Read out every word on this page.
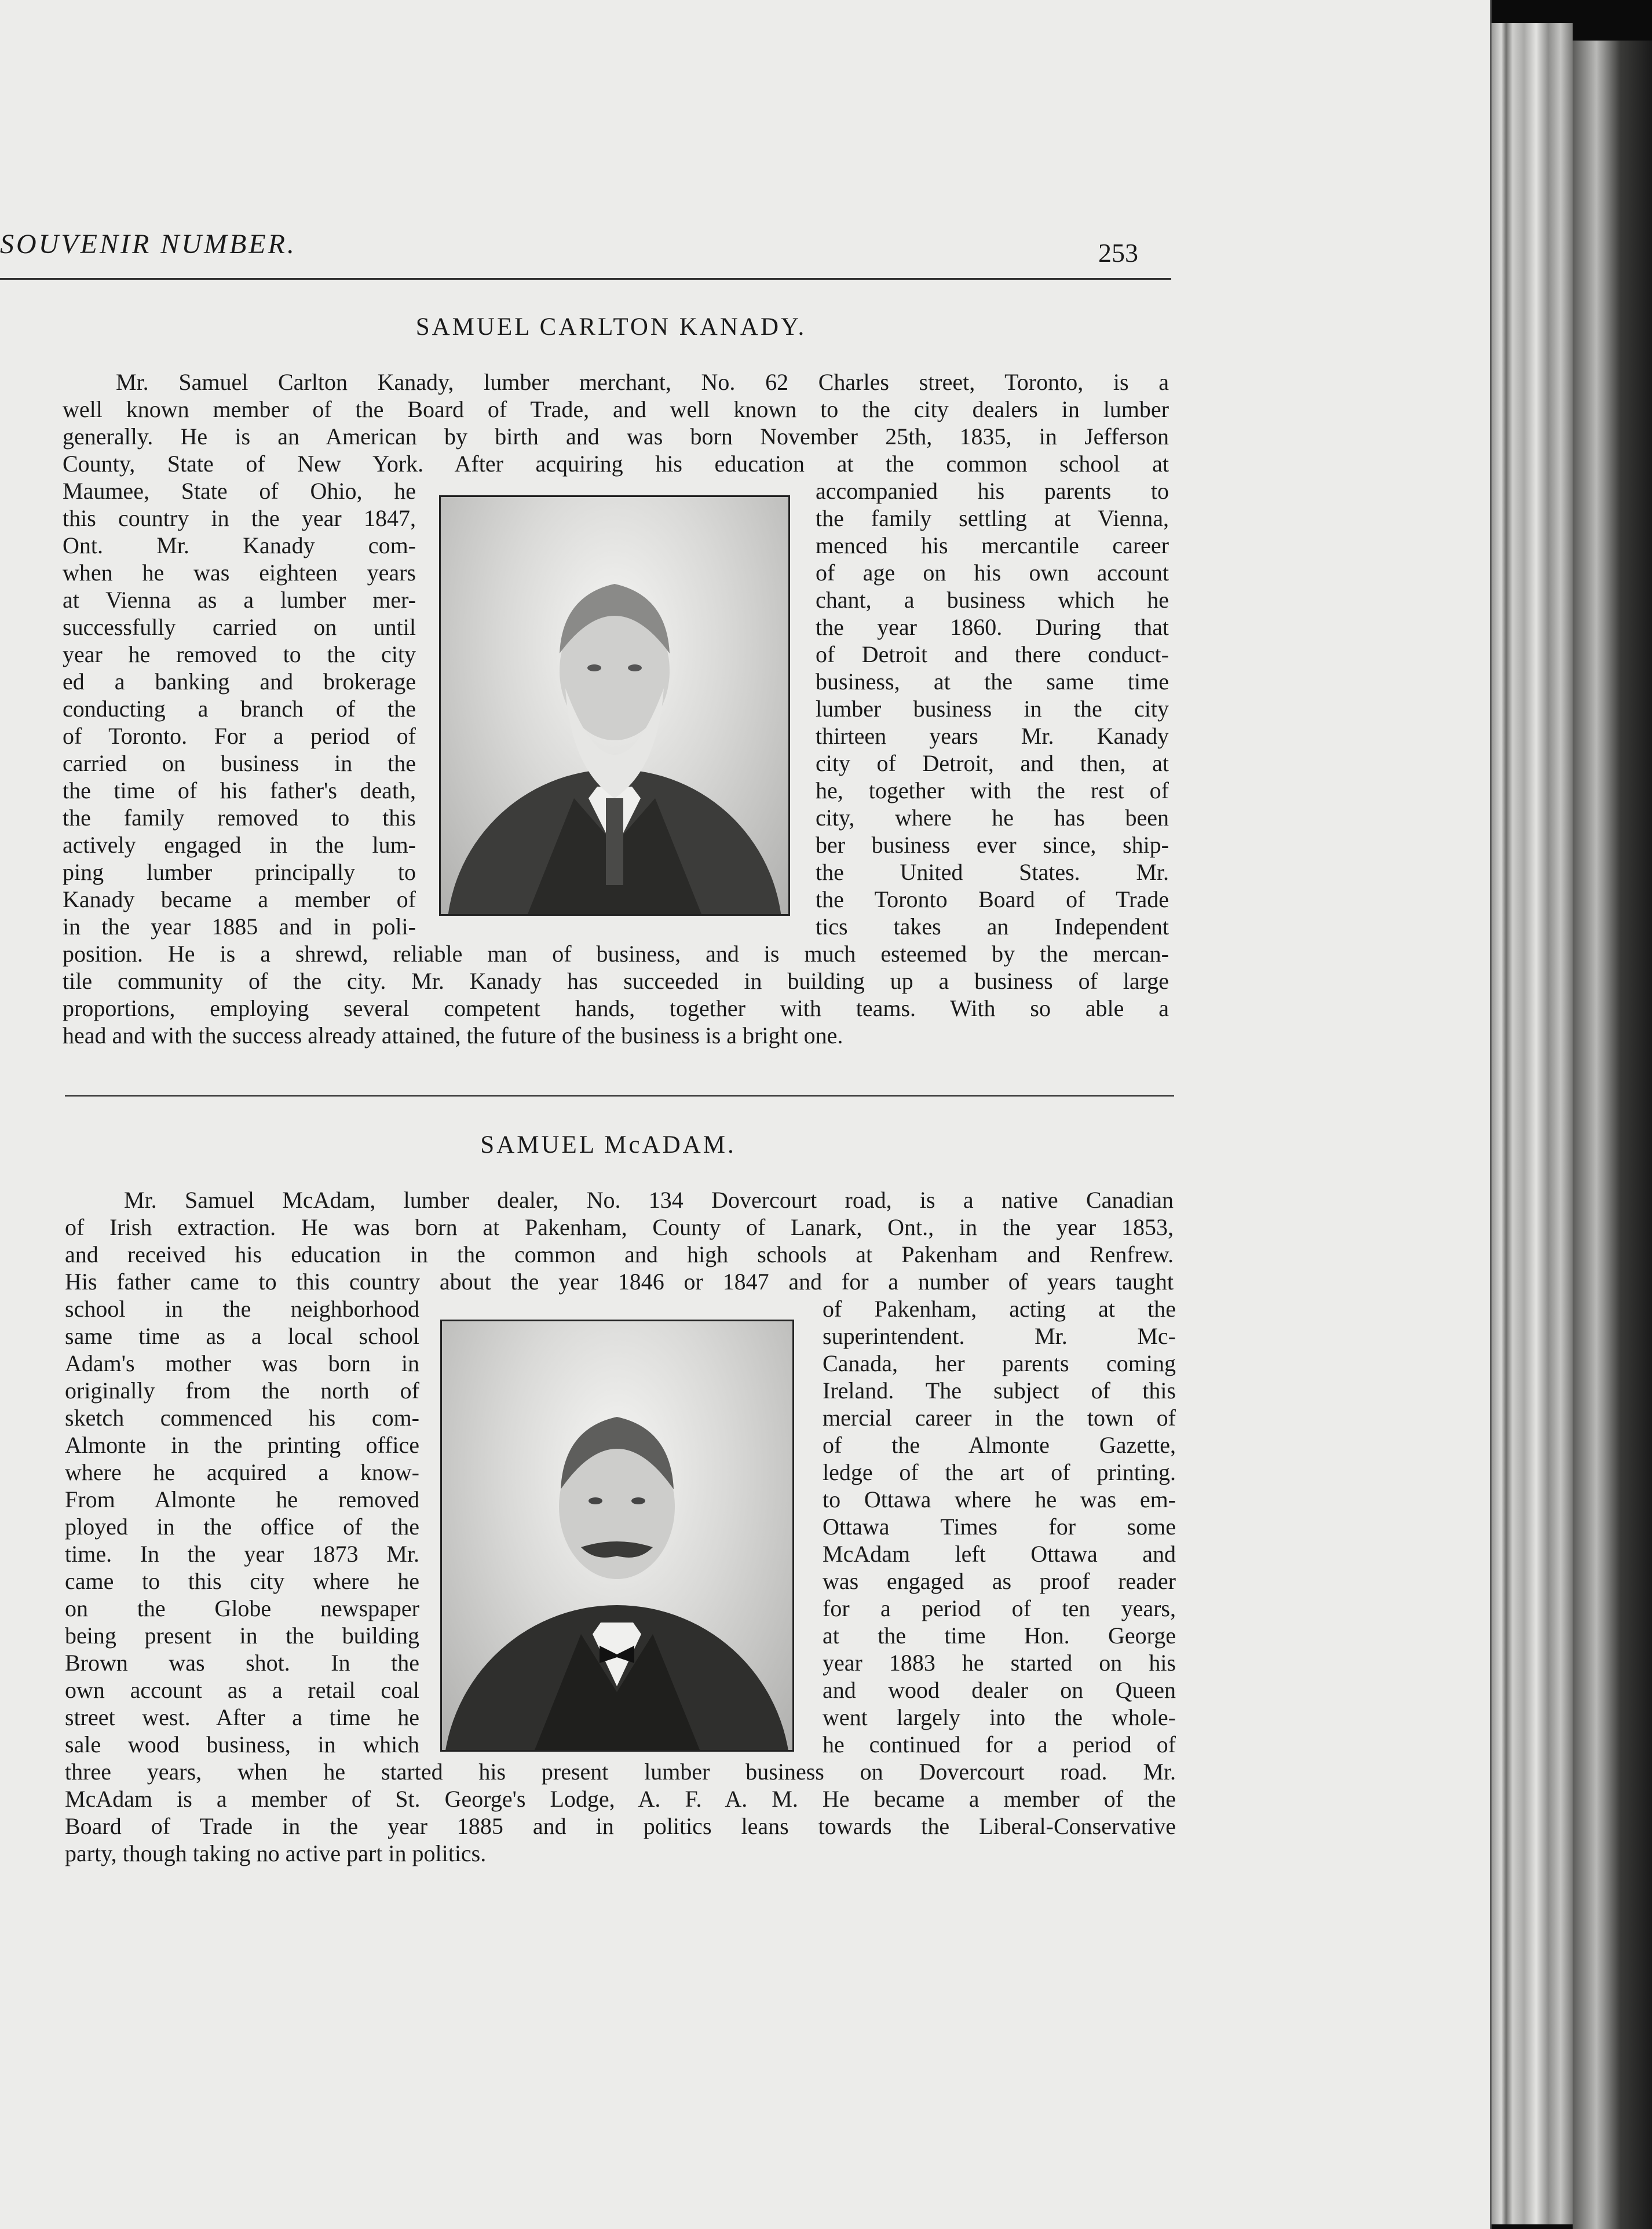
SOUVENIR NUMBER.	253
SAMUEL CARLTON KANADY.
Mr. Samuel Carlton Kanady, lumber merchant, No. 62 Charles street, Toronto, is a
well known member of the Board of Trade, and well known to the city dealers in lumber
generally. He is an American by birth and was born November 25th, 1835, in Jefferson
County, State of New York. After acquiring his education at the common school at
Maumee, State of Ohio, he
this country in the year 1847,
Ont. Mr. Kanady com-
when he was eighteen years
at Vienna as a lumber mer-
successfully carried on until
year he removed to the city
ed a banking and brokerage
conducting a branch of the
of Toronto. For a period of
carried on business in the
the time of his father's death,
the family removed to this
actively engaged in the lum-
ping lumber principally to
Kanady became a member of
in the year 1885 and in poli-
accompanied his parents to
the family settling at Vienna,
menced his mercantile career
of age on his own account
chant, a business which he
the year 1860. During that
of Detroit and there conduct-
business, at the same time
lumber business in the city
thirteen years Mr. Kanady
city of Detroit, and then, at
he, together with the rest of
city, where he has been
ber business ever since, ship-
the United States. Mr.
the Toronto Board of Trade
tics takes an Independent
position. He is a shrewd, reliable man of business, and is much esteemed by the mercan-
tile community of the city. Mr. Kanady has succeeded in building up a business of large
proportions, employing several competent hands, together with teams. With so able a
head and with the success already attained, the future of the business is a bright one.
SAMUEL McADAM.
Mr. Samuel McAdam, lumber dealer, No. 134 Dovercourt road, is a native Canadian
of Irish extraction. He was born at Pakenham, County of Lanark, Ont., in the year 1853,
and received his education in the common and high schools at Pakenham and Renfrew.
His father came to this country about the year 1846 or 1847 and for a number of years taught
school in the neighborhood
same time as a local school
Adam's mother was born in
originally from the north of
sketch commenced his com-
Almonte in the printing office
where he acquired a know-
From Almonte he removed
ployed in the office of the
time. In the year 1873 Mr.
came to this city where he
on the Globe newspaper
being present in the building
Brown was shot. In the
own account as a retail coal
street west. After a time he
sale wood business, in which
of Pakenham, acting at the
superintendent. Mr. Mc-
Canada, her parents coming
Ireland. The subject of this
mercial career in the town of
of the Almonte Gazette,
ledge of the art of printing.
to Ottawa where he was em-
Ottawa Times for some
McAdam left Ottawa and
was engaged as proof reader
for a period of ten years,
at the time Hon. George
year 1883 he started on his
and wood dealer on Queen
went largely into the whole-
he continued for a period of
three years, when he started his present lumber business on Dovercourt road. Mr.
McAdam is a member of St. George's Lodge, A. F. A. M. He became a member of the
Board of Trade in the year 1885 and in politics leans towards the Liberal-Conservative
party, though taking no active part in politics.
